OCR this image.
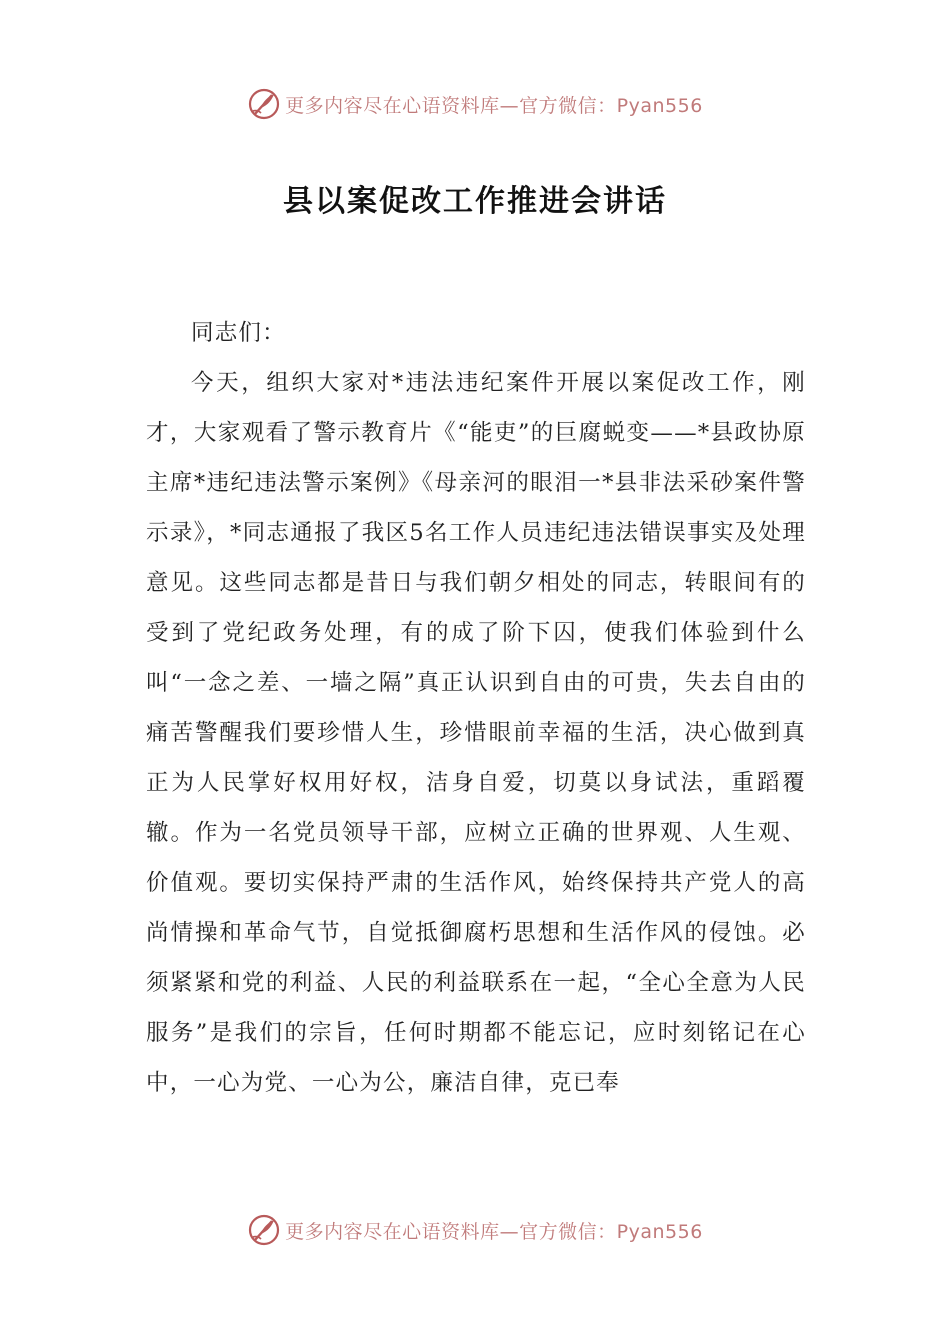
更多内容尽在心语资料库—官方微信：Pyan556
县以案促改工作推进会讲话

同志们：

今天，组织大家对*违法违纪案件开展以案促改工作，刚才，大家观看了警示教育片《“能吏”的巨腐蜕变——*县政协原主席*违纪违法警示案例》《母亲河的眼泪一*县非法采砂案件警示录》，*同志通报了我区5名工作人员违纪违法错误事实及处理意见。这些同志都是昔日与我们朝夕相处的同志，转眼间有的受到了党纪政务处理，有的成了阶下囚，使我们体验到什么叫“一念之差、一墙之隔”真正认识到自由的可贵，失去自由的痛苦警醒我们要珍惜人生，珍惜眼前幸福的生活，决心做到真正为人民掌好权用好权，洁身自爱，切莫以身试法，重蹈覆辙。作为一名党员领导干部，应树立正确的世界观、人生观、价值观。要切实保持严肃的生活作风，始终保持共产党人的高尚情操和革命气节，自觉抵御腐朽思想和生活作风的侵蚀。必须紧紧和党的利益、人民的利益联系在一起，“全心全意为人民服务”是我们的宗旨，任何时期都不能忘记，应时刻铭记在心中，一心为党、一心为公，廉洁自律，克已奉

更多内容尽在心语资料库—官方微信：Pyan556
